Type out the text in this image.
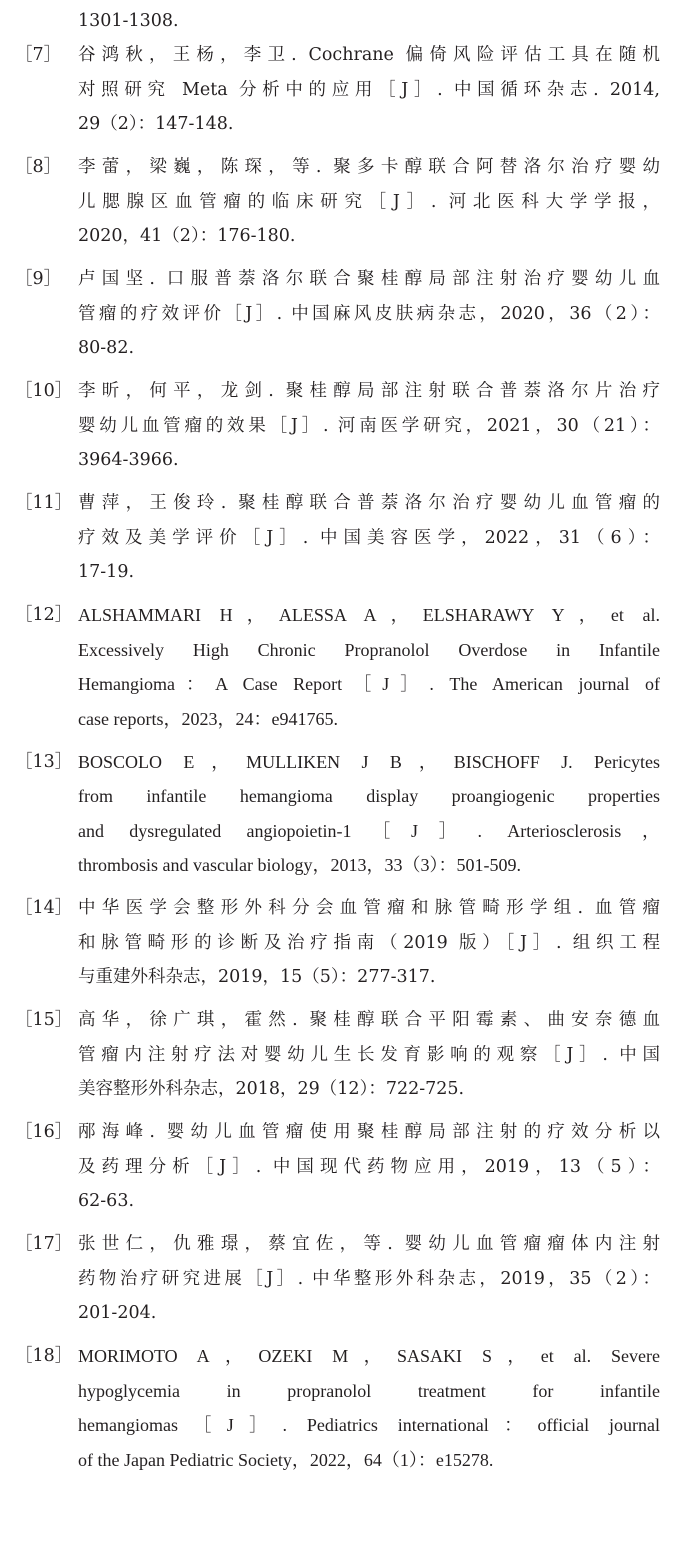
1301-1308.
［7］ 谷鸿秋，王杨，李卫. Cochrane 偏倚风险评估工具在随机
对照研究 Meta 分析中的应用［J］. 中国循环杂志. 2014,
29（2）：147-148.
［8］ 李蕾，梁巍，陈琛，等. 聚多卡醇联合阿替洛尔治疗婴幼
儿腮腺区血管瘤的临床研究［J］. 河北医科大学学报，
2020，41（2）：176-180.
［9］ 卢国坚. 口服普萘洛尔联合聚桂醇局部注射治疗婴幼儿血
管瘤的疗效评价［J］. 中国麻风皮肤病杂志，2020，36（2）：
80-82.
［10］ 李昕，何平，龙剑. 聚桂醇局部注射联合普萘洛尔片治疗
婴幼儿血管瘤的效果［J］. 河南医学研究，2021，30（21）：
3964-3966.
［11］ 曹萍，王俊玲. 聚桂醇联合普萘洛尔治疗婴幼儿血管瘤的
疗效及美学评价［J］. 中国美容医学，2022，31（6）：
17-19.
［12］ ALSHAMMARI H，ALESSA A，ELSHARAWY Y，et al.
Excessively High Chronic Propranolol Overdose in Infantile
Hemangioma：A Case Report［J］. The American journal of
case reports，2023，24：e941765.
［13］ BOSCOLO E，MULLIKEN J B，BISCHOFF J. Pericytes
from infantile hemangioma display proangiogenic properties
and dysregulated angiopoietin-1［J］. Arteriosclerosis，
thrombosis and vascular biology，2013，33（3）：501-509.
［14］ 中华医学会整形外科分会血管瘤和脉管畸形学组. 血管瘤
和脉管畸形的诊断及治疗指南（2019 版）［J］. 组织工程
与重建外科杂志，2019，15（5）：277-317.
［15］ 高华，徐广琪，霍然. 聚桂醇联合平阳霉素、曲安奈德血
管瘤内注射疗法对婴幼儿生长发育影响的观察［J］. 中国
美容整形外科杂志，2018，29（12）：722-725.
［16］ 邴海峰. 婴幼儿血管瘤使用聚桂醇局部注射的疗效分析以
及药理分析［J］. 中国现代药物应用，2019，13（5）：
62-63.
［17］ 张世仁，仇雅璟，蔡宜佐，等. 婴幼儿血管瘤瘤体内注射
药物治疗研究进展［J］. 中华整形外科杂志，2019，35（2）：
201-204.
［18］ MORIMOTO A，OZEKI M，SASAKI S，et al. Severe
hypoglycemia in propranolol treatment for infantile
hemangiomas［J］. Pediatrics international：official journal
of the Japan Pediatric Society，2022，64（1）：e15278.
